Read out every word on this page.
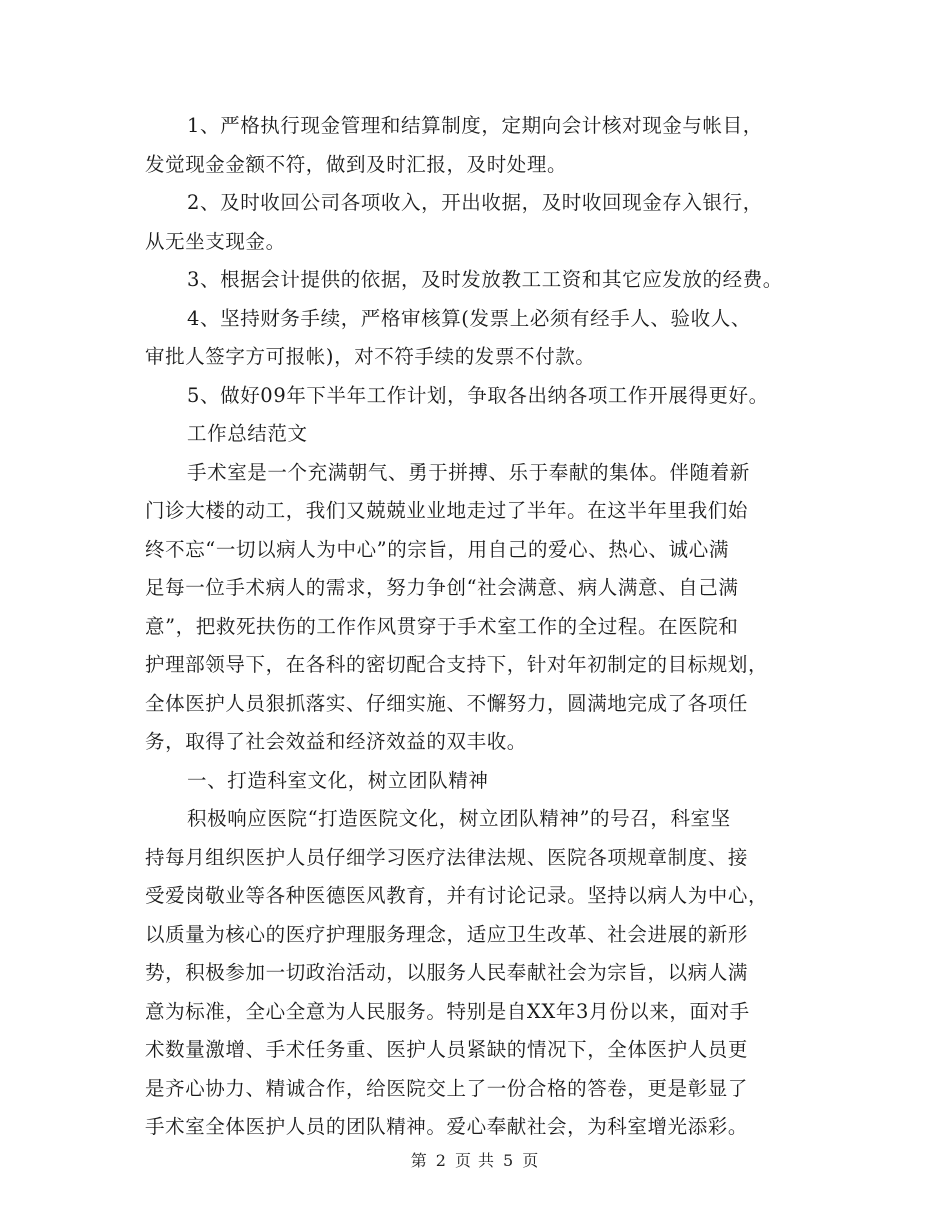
1、严格执行现金管理和结算制度，定期向会计核对现金与帐目，
发觉现金金额不符，做到及时汇报，及时处理。
2、及时收回公司各项收入，开出收据，及时收回现金存入银行，
从无坐支现金。
3、根据会计提供的依据，及时发放教工工资和其它应发放的经费。
4、坚持财务手续，严格审核算(发票上必须有经手人、验收人、
审批人签字方可报帐)，对不符手续的发票不付款。
5、做好09年下半年工作计划，争取各出纳各项工作开展得更好。
工作总结范文
手术室是一个充满朝气、勇于拼搏、乐于奉献的集体。伴随着新
门诊大楼的动工，我们又兢兢业业地走过了半年。在这半年里我们始
终不忘“一切以病人为中心”的宗旨，用自己的爱心、热心、诚心满
足每一位手术病人的需求，努力争创“社会满意、病人满意、自己满
意”，把救死扶伤的工作作风贯穿于手术室工作的全过程。在医院和
护理部领导下，在各科的密切配合支持下，针对年初制定的目标规划，
全体医护人员狠抓落实、仔细实施、不懈努力，圆满地完成了各项任
务，取得了社会效益和经济效益的双丰收。
一、打造科室文化，树立团队精神
积极响应医院“打造医院文化，树立团队精神”的号召，科室坚
持每月组织医护人员仔细学习医疗法律法规、医院各项规章制度、接
受爱岗敬业等各种医德医风教育，并有讨论记录。坚持以病人为中心，
以质量为核心的医疗护理服务理念，适应卫生改革、社会进展的新形
势，积极参加一切政治活动，以服务人民奉献社会为宗旨，以病人满
意为标准，全心全意为人民服务。特别是自XX年3月份以来，面对手
术数量激增、手术任务重、医护人员紧缺的情况下，全体医护人员更
是齐心协力、精诚合作，给医院交上了一份合格的答卷，更是彰显了
手术室全体医护人员的团队精神。爱心奉献社会，为科室增光添彩。
第 2 页 共 5 页
